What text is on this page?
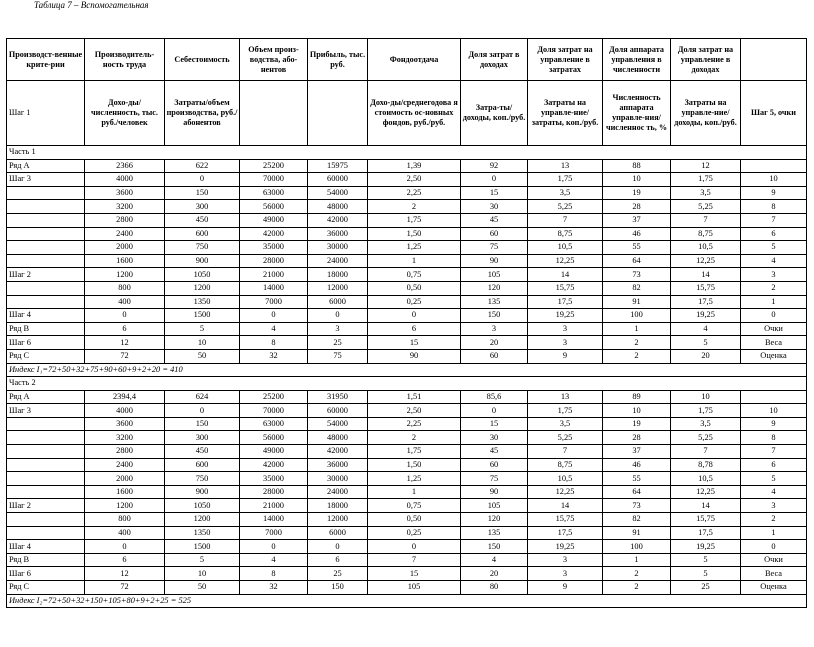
Таблица 7 – Вспомогательная
Производст-венные крите-рии	Производитель-ность труда	Себестоимость	Объем произ-водства, або-нентов	Прибыль, тыс. руб.	Фондоотдача	Доля затрат в доходах	Доля затрат на управление в затратах	Доля аппарата управления в численности	Доля затрат на управление в доходах	
Шаг 1	Дохо-ды/численность, тыс. руб./человек	Затраты/объем производства, руб./абонентов			Дохо-ды/среднегодова я стоимость ос-новных фондов, руб./руб.	Затра-ты/доходы, коп./руб.	Затраты на управле-ние/затраты, коп./руб.	Численность аппарата управле-ния/численнос ть, %	Затраты на управле-ние/доходы, коп./руб.	Шаг 5, очки
Часть 1										
Ряд A	2366	622	25200	15975	1,39	92	13	88	12	
Шаг 3	4000	0	70000	60000	2,50	0	1,75	10	1,75	10
	3600	150	63000	54000	2,25	15	3,5	19	3,5	9
	3200	300	56000	48000	2	30	5,25	28	5,25	8
	2800	450	49000	42000	1,75	45	7	37	7	7
	2400	600	42000	36000	1,50	60	8,75	46	8,75	6
	2000	750	35000	30000	1,25	75	10,5	55	10,5	5
	1600	900	28000	24000	1	90	12,25	64	12,25	4
Шаг 2	1200	1050	21000	18000	0,75	105	14	73	14	3
	800	1200	14000	12000	0,50	120	15,75	82	15,75	2
	400	1350	7000	6000	0,25	135	17,5	91	17,5	1
Шаг 4	0	1500	0	0	0	150	19,25	100	19,25	0
Ряд B	6	5	4	3	6	3	3	1	4	Очки
Шаг 6	12	10	8	25	15	20	3	2	5	Веса
Ряд C	72	50	32	75	90	60	9	2	20	Оценка
Индекс I₁=72+50+32+75+90+60+9+2+20 = 410										
Часть 2										
Ряд A	2394,4	624	25200	31950	1,51	85,6	13	89	10	
Шаг 3	4000	0	70000	60000	2,50	0	1,75	10	1,75	10
	3600	150	63000	54000	2,25	15	3,5	19	3,5	9
	3200	300	56000	48000	2	30	5,25	28	5,25	8
	2800	450	49000	42000	1,75	45	7	37	7	7
	2400	600	42000	36000	1,50	60	8,75	46	8,78	6
	2000	750	35000	30000	1,25	75	10,5	55	10,5	5
	1600	900	28000	24000	1	90	12,25	64	12,25	4
Шаг 2	1200	1050	21000	18000	0,75	105	14	73	14	3
	800	1200	14000	12000	0,50	120	15,75	82	15,75	2
	400	1350	7000	6000	0,25	135	17,5	91	17,5	1
Шаг 4	0	1500	0	0	0	150	19,25	100	19,25	0
Ряд B	6	5	4	6	7	4	3	1	5	Очки
Шаг 6	12	10	8	25	15	20	3	2	5	Веса
Ряд C	72	50	32	150	105	80	9	2	25	Оценка
Индекс I₂=72+50+32+150+105+80+9+2+25 = 525										
